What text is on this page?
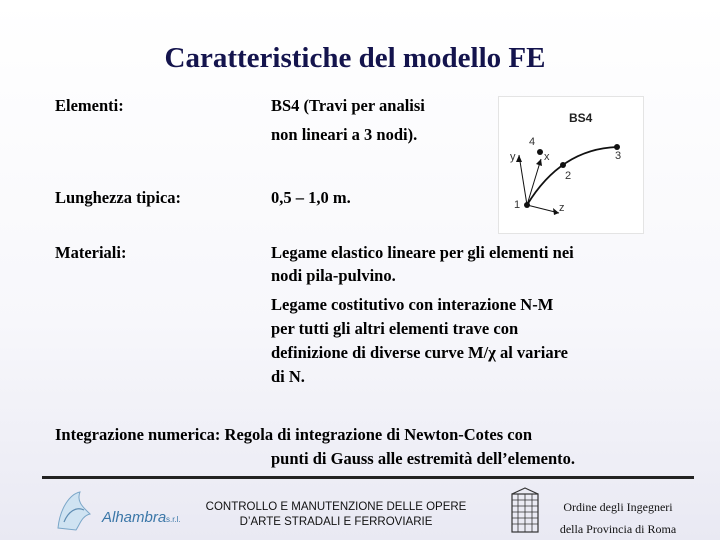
Caratteristiche del modello FE
Elementi:	BS4 (Travi per analisi
non lineari a 3 nodi).
Lunghezza tipica:	0,5 – 1,0 m.
Materiali:	Legame elastico lineare per gli elementi nei
nodi pila-pulvino.
Legame costitutivo con interazione N-M
per tutti gli altri elementi trave con
definizione di diverse curve M/χ al variare
di N.
Integrazione numerica: Regola di integrazione di Newton-Cotes con
punti di Gauss alle estremità dell’elemento.
BS4
1
2
3
4
y	x
z
Alhambra s.r.l.
CONTROLLO E MANUTENZIONE DELLE OPERE
D’ARTE STRADALI E FERROVIARIE
Ordine degli Ingegneri
della Provincia di Roma
